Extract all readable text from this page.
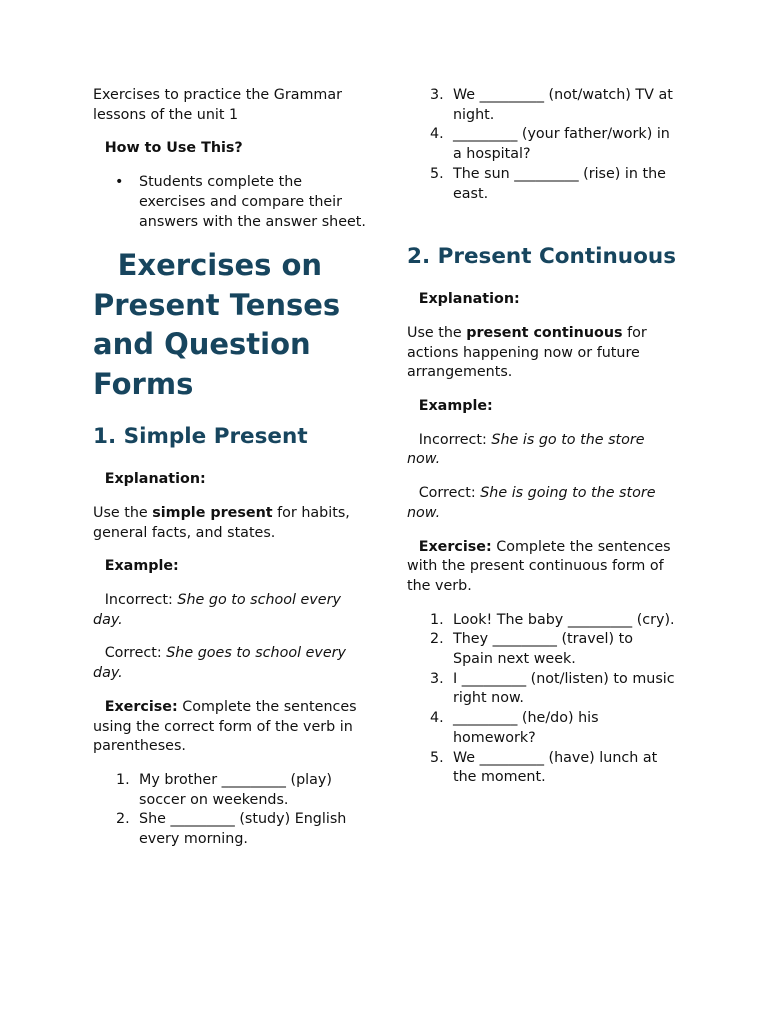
Exercises to practice the Grammar lessons of the unit 1

How to Use This?

• Students complete the exercises and compare their answers with the answer sheet.
Exercises on Present Tenses and Question Forms
1. Simple Present

Explanation:

Use the simple present for habits, general facts, and states.

Example:

Incorrect: She go to school every day.

Correct: She goes to school every day.

Exercise: Complete the sentences using the correct form of the verb in parentheses.

1. My brother _________ (play) soccer on weekends.
2. She _________ (study) English every morning.
3. We _________ (not/watch) TV at night.
4. _________ (your father/work) in a hospital?
5. The sun _________ (rise) in the east.
2. Present Continuous

Explanation:

Use the present continuous for actions happening now or future arrangements.

Example:

Incorrect: She is go to the store now.

Correct: She is going to the store now.

Exercise: Complete the sentences with the present continuous form of the verb.

1. Look! The baby _________ (cry).
2. They _________ (travel) to Spain next week.
3. I _________ (not/listen) to music right now.
4. _________ (he/do) his homework?
5. We _________ (have) lunch at the moment.
